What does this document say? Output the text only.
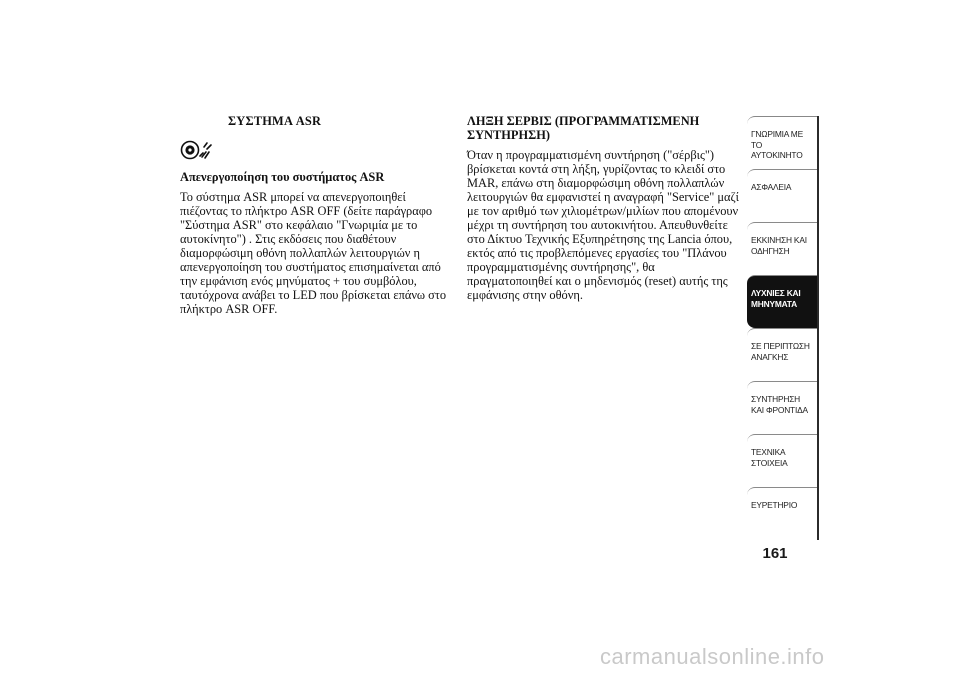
ΣΥΣΤΗΜΑ ASR
Απενεργοποίηση του συστήματος ASR
Το σύστημα ASR μπορεί να απενεργοποιηθεί πιέζοντας το πλήκτρο ASR OFF (δείτε παράγραφο "Σύστημα ASR" στο κεφάλαιο "Γνωριμία με το αυτοκίνητο") . Στις εκδόσεις που διαθέτουν διαμορφώσιμη οθόνη πολλαπλών λειτουργιών η απενεργοποίηση του συστήματος επισημαίνεται από την εμφάνιση ενός μηνύματος + του συμβόλου, ταυτόχρονα ανάβει το LED που βρίσκεται επάνω στο πλήκτρο ASR OFF.
ΛΗΞΗ ΣΕΡΒΙΣ (ΠΡΟΓΡΑΜΜΑΤΙΣΜΕΝΗ ΣΥΝΤΗΡΗΣΗ)
Όταν η προγραμματισμένη συντήρηση ("σέρβις") βρίσκεται κοντά στη λήξη, γυρίζοντας το κλειδί στο MAR, επάνω στη διαμορφώσιμη οθόνη πολλαπλών λειτουργιών θα εμφανιστεί η αναγραφή "Service" μαζί με τον αριθμό των χιλιομέτρων/μιλίων που απομένουν μέχρι τη συντήρηση του αυτοκινήτου. Απευθυνθείτε στο Δίκτυο Τεχνικής Εξυπηρέτησης της Lancia όπου, εκτός από τις προβλεπόμενες εργασίες του "Πλάνου προγραμματισμένης συντήρησης", θα πραγματοποιηθεί και ο μηδενισμός (reset) αυτής της εμφάνισης στην οθόνη.
ΓΝΩΡΙΜΙΑ ΜΕ ΤΟ ΑΥΤΟΚΙΝΗΤΟ
ΑΣΦΑΛΕΙΑ
ΕΚΚΙΝΗΣΗ ΚΑΙ ΟΔΗΓΗΣΗ
ΛΥΧΝΙΕΣ ΚΑΙ ΜΗΝΥΜΑΤΑ
ΣΕ ΠΕΡΙΠΤΩΣΗ ΑΝΑΓΚΗΣ
ΣΥΝΤΗΡΗΣΗ ΚΑΙ ΦΡΟΝΤΙΔΑ
ΤΕΧΝΙΚΑ ΣΤΟΙΧΕΙΑ
ΕΥΡΕΤΗΡΙΟ
161
carmanualsonline.info
